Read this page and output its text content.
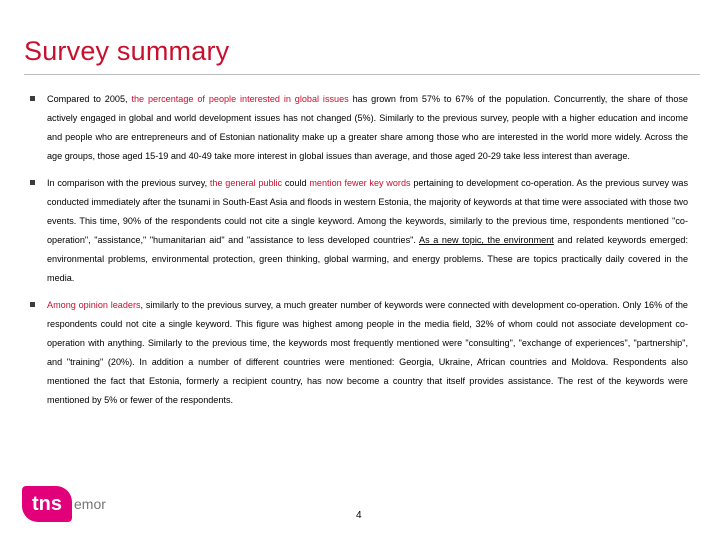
Survey summary
Compared to 2005, the percentage of people interested in global issues has grown from 57% to 67% of the population. Concurrently, the share of those actively engaged in global and world development issues has not changed (5%). Similarly to the previous survey, people with a higher education and income and people who are entrepreneurs and of Estonian nationality make up a greater share among those who are interested in the world more widely. Across the age groups, those aged 15-19 and 40-49 take more interest in global issues than average, and those aged 20-29 take less interest than average.
In comparison with the previous survey, the general public could mention fewer key words pertaining to development co-operation. As the previous survey was conducted immediately after the tsunami in South-East Asia and floods in western Estonia, the majority of keywords at that time were associated with those two events. This time, 90% of the respondents could not cite a single keyword. Among the keywords, similarly to the previous time, respondents mentioned "co-operation", "assistance," "humanitarian aid" and "assistance to less developed countries". As a new topic, the environment and related keywords emerged: environmental problems, environmental protection, green thinking, global warming, and energy problems. These are topics practically daily covered in the media.
Among opinion leaders, similarly to the previous survey, a much greater number of keywords were connected with development co-operation. Only 16% of the respondents could not cite a single keyword. This figure was highest among people in the media field, 32% of whom could not associate development co-operation with anything. Similarly to the previous time, the keywords most frequently mentioned were "consulting", "exchange of experiences", "partnership", and "training" (20%). In addition a number of different countries were mentioned: Georgia, Ukraine, African countries and Moldova. Respondents also mentioned the fact that Estonia, formerly a recipient country, has now become a country that itself provides assistance. The rest of the keywords were mentioned by 5% or fewer of the respondents.
tns emor
4
